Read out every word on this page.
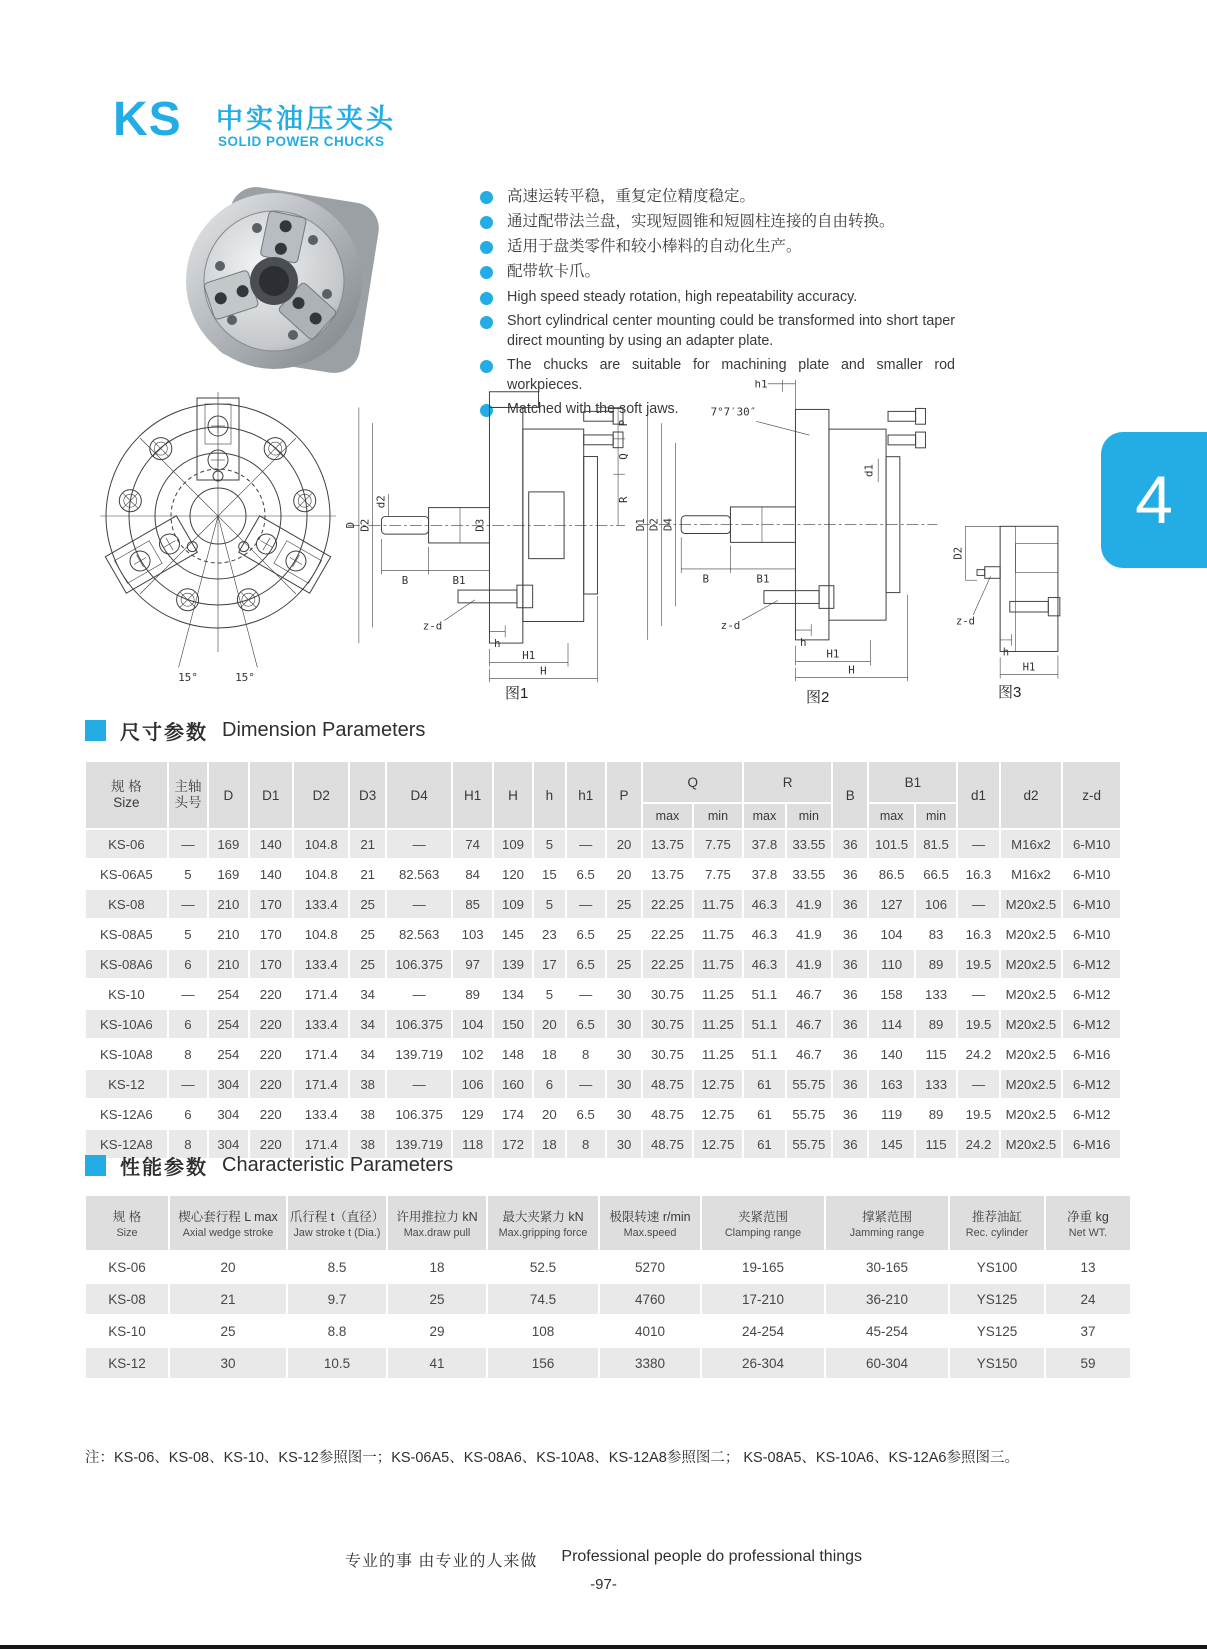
KS 中实油压夹头
SOLID POWER CHUCKS
高速运转平稳，重复定位精度稳定。
通过配带法兰盘，实现短圆锥和短圆柱连接的自由转换。
适用于盘类零件和较小棒料的自动化生产。
配带软卡爪。
High speed steady rotation, high repeatability accuracy.
Short cylindrical center mounting could be transformed into short taper direct mounting by using an adapter plate.
The chucks are suitable for machining plate and smaller rod workpieces.
Matched with the soft jaws.
4
15°	15°
D D2
d2
D3
B	B1
z-d
h
H1
H
P
Q
R
h1
7°7′30″
d1
D1 D2 D4
B	B1
z-d
h
H1
H
D2
z-d
h
H1
图1	图2	图3
尺寸参数 Dimension Parameters
规 格
Size	主轴
头号	D	D1	D2	D3	D4	H1	H	h	h1	P	Q		R		B	B1		d1	d2	z-d
												max	min	max	min		max	min			
KS-06	—	169	140	104.8	21	—	74	109	5	—	20	13.75	7.75	37.8	33.55	36	101.5	81.5	—	M16x2	6-M10
KS-06A5	5	169	140	104.8	21	82.563	84	120	15	6.5	20	13.75	7.75	37.8	33.55	36	86.5	66.5	16.3	M16x2	6-M10
KS-08	—	210	170	133.4	25	—	85	109	5	—	25	22.25	11.75	46.3	41.9	36	127	106	—	M20x2.5	6-M10
KS-08A5	5	210	170	104.8	25	82.563	103	145	23	6.5	25	22.25	11.75	46.3	41.9	36	104	83	16.3	M20x2.5	6-M10
KS-08A6	6	210	170	133.4	25	106.375	97	139	17	6.5	25	22.25	11.75	46.3	41.9	36	110	89	19.5	M20x2.5	6-M12
KS-10	—	254	220	171.4	34	—	89	134	5	—	30	30.75	11.25	51.1	46.7	36	158	133	—	M20x2.5	6-M12
KS-10A6	6	254	220	133.4	34	106.375	104	150	20	6.5	30	30.75	11.25	51.1	46.7	36	114	89	19.5	M20x2.5	6-M12
KS-10A8	8	254	220	171.4	34	139.719	102	148	18	8	30	30.75	11.25	51.1	46.7	36	140	115	24.2	M20x2.5	6-M16
KS-12	—	304	220	171.4	38	—	106	160	6	—	30	48.75	12.75	61	55.75	36	163	133	—	M20x2.5	6-M12
KS-12A6	6	304	220	133.4	38	106.375	129	174	20	6.5	30	48.75	12.75	61	55.75	36	119	89	19.5	M20x2.5	6-M12
KS-12A8	8	304	220	171.4	38	139.719	118	172	18	8	30	48.75	12.75	61	55.75	36	145	115	24.2	M20x2.5	6-M16
性能参数 Characteristic Parameters
规 格
Size	楔心套行程 L max
Axial wedge stroke	爪行程 t（直径）
Jaw stroke t (Dia.)	许用推拉力 kN
Max.draw pull	最大夹紧力 kN
Max.gripping force	极限转速 r/min
Max.speed	夹紧范围
Clamping range	撑紧范围
Jamming range	推荐油缸
Rec. cylinder	净重 kg
Net WT.

KS-06	20	8.5	18	52.5	5270	19-165	30-165	YS100	13
KS-08	21	9.7	25	74.5	4760	17-210	36-210	YS125	24
KS-10	25	8.8	29	108	4010	24-254	45-254	YS125	37
KS-12	30	10.5	41	156	3380	26-304	60-304	YS150	59
注：KS-06、KS-08、KS-10、KS-12参照图一；KS-06A5、KS-08A6、KS-10A8、KS-12A8参照图二； KS-08A5、KS-10A6、KS-12A6参照图三。
专业的事 由专业的人来做 Professional people do professional things
-97-
